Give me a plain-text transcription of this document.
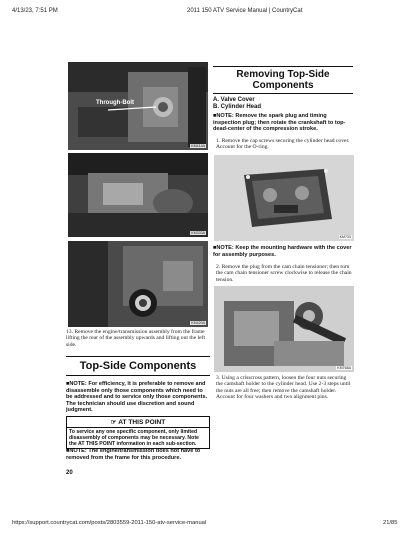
4/13/23, 7:51 PM	2011 150 ATV Service Manual | CountryCat
Through-Bolt
KM414A
KM333A
KM420A
13. Remove the engine/transmission assembly from the frame lifting the rear of the assembly upwards and lifting out the left side.
Top-Side Components
■NOTE: For efficiency, it is preferable to remove and disassemble only those components which need to be addressed and to service only those components. The technician should use discretion and sound judgment.
☞ AT THIS POINT
To service any one specific component, only limited disassembly of components may be necessary. Note the AT THIS POINT information in each sub-section.
■NOTE: The engine/transmission does not have to removed from the frame for this procedure.
20
Removing Top-Side
Components
A. Valve Cover
B. Cylinder Head
■NOTE: Remove the spark plug and timing inspection plug; then rotate the crankshaft to top-dead-center of the compression stroke.
1. Remove the cap screws securing the cylinder head cover. Account for the O-ring.
KM733
■NOTE: Keep the mounting hardware with the cover for assembly purposes.
2. Remove the plug from the cam chain tensioner; then turn the cam chain tensioner screw clockwise to release the chain tension.
KM768A
3. Using a crisscross pattern, loosen the four nuts securing the camshaft holder to the cylinder head. Use 2-3 steps until the nuts are all free; then remove the camshaft holder. Account for four washers and two alignment pins.
https://support.countrycat.com/posts/2803559-2011-150-atv-service-manual	21/85
